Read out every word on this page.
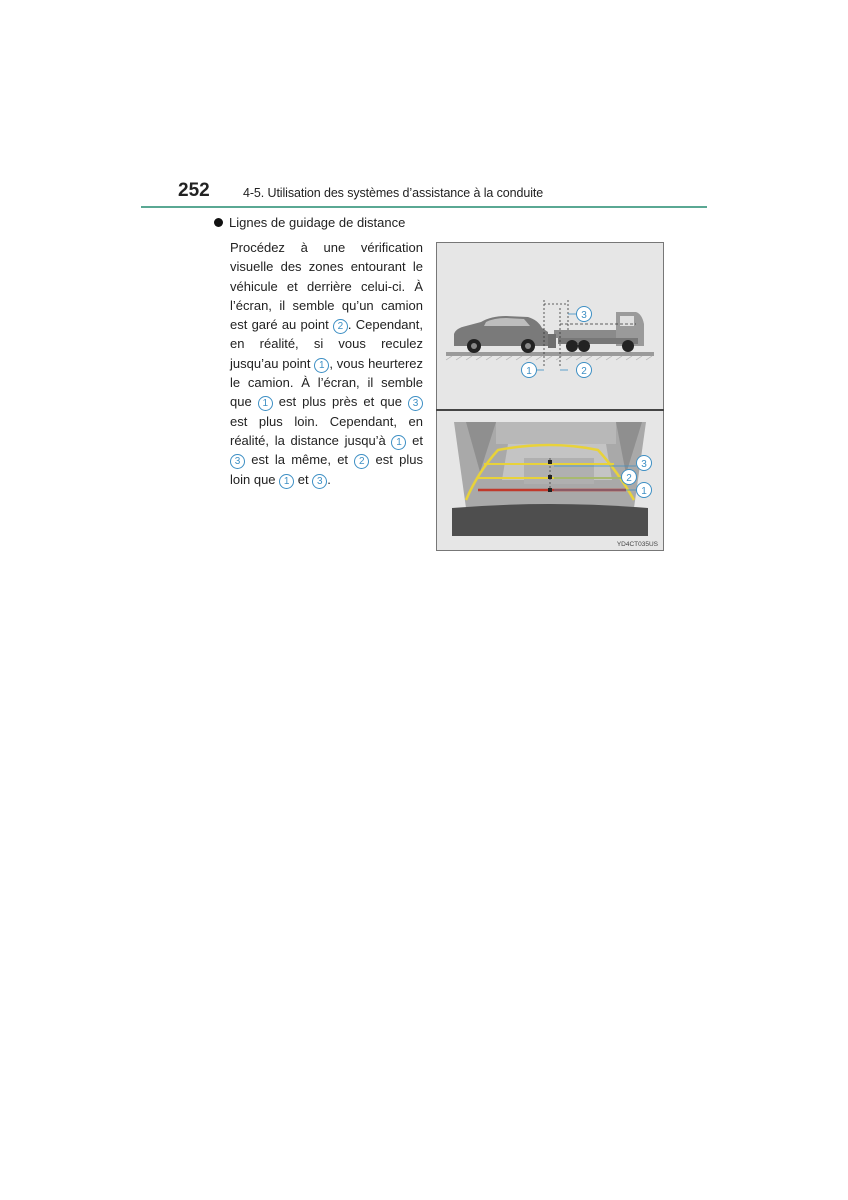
252	4-5. Utilisation des systèmes d’assistance à la conduite
Lignes de guidage de distance

Procédez à une vérification visuelle des zones entourant le véhicule et derrière celui-ci. À l’écran, il semble qu’un camion est garé au point 2 . Cependant, en réalité, si vous reculez jusqu’au point 1 , vous heurterez le camion. À l’écran, il semble que 1 est plus près et que 3 est plus loin. Cependant, en réalité, la distance jusqu’à 1 et 3 est la même, et 2 est plus loin que 1 et 3 .

3
1	2
3
2
1
YD4CT035US
